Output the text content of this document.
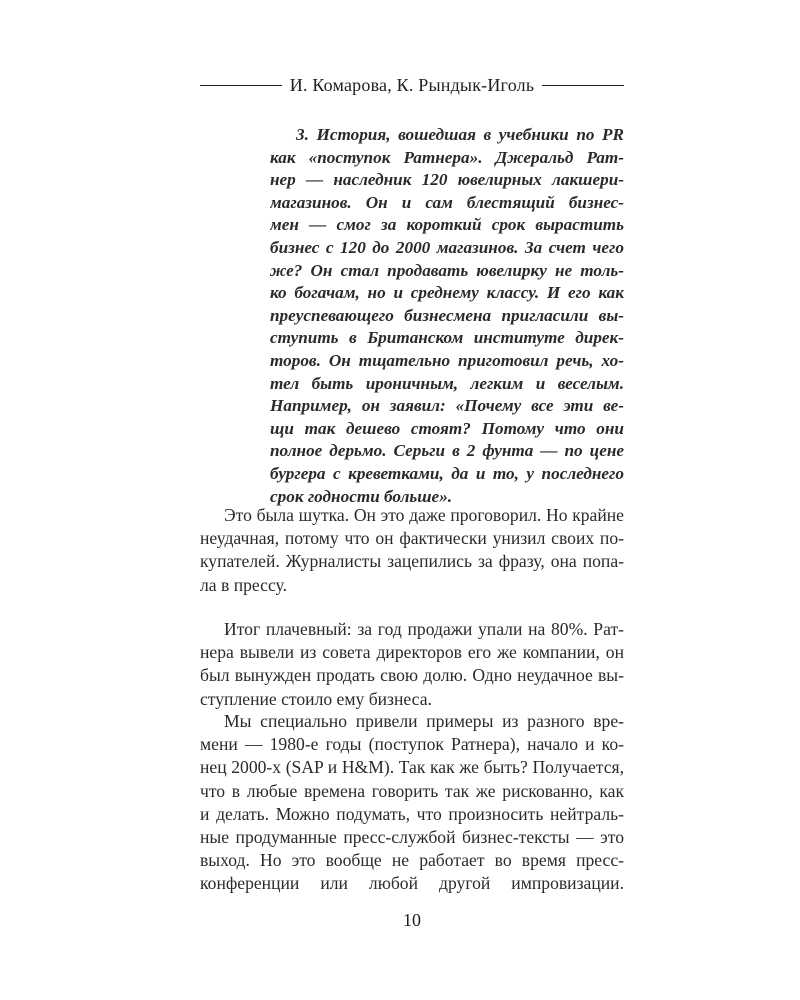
И. Комарова, К. Рындык-Иголь

3. История, вошедшая в учебники по PR
как «поступок Ратнера». Джеральд Рат-
нер — наследник 120 ювелирных лакшери-
магазинов. Он и сам блестящий бизнес-
мен — смог за короткий срок вырастить
бизнес с 120 до 2000 магазинов. За счет чего
же? Он стал продавать ювелирку не толь-
ко богачам, но и среднему классу. И его как
преуспевающего бизнесмена пригласили вы-
ступить в Британском институте дирек-
торов. Он тщательно приготовил речь, хо-
тел быть ироничным, легким и веселым.
Например, он заявил: «Почему все эти ве-
щи так дешево стоят? Потому что они
полное дерьмо. Серьги в 2 фунта — по цене
бургера с креветками, да и то, у последнего
срок годности больше».

Это была шутка. Он это даже проговорил. Но крайне
неудачная, потому что он фактически унизил своих по-
купателей. Журналисты зацепились за фразу, она попа-
ла в прессу.
Итог плачевный: за год продажи упали на 80%. Рат-
нера вывели из совета директоров его же компании, он
был вынужден продать свою долю. Одно неудачное вы-
ступление стоило ему бизнеса.
Мы специально привели примеры из разного вре-
мени — 1980-е годы (поступок Ратнера), начало и ко-
нец 2000-х (SAP и H&M). Так как же быть? Получается,
что в любые времена говорить так же рискованно, как
и делать. Можно подумать, что произносить нейтраль-
ные продуманные пресс-службой бизнес-тексты — это
выход. Но это вообще не работает во время пресс-
конференции или любой другой импровизации.
10
